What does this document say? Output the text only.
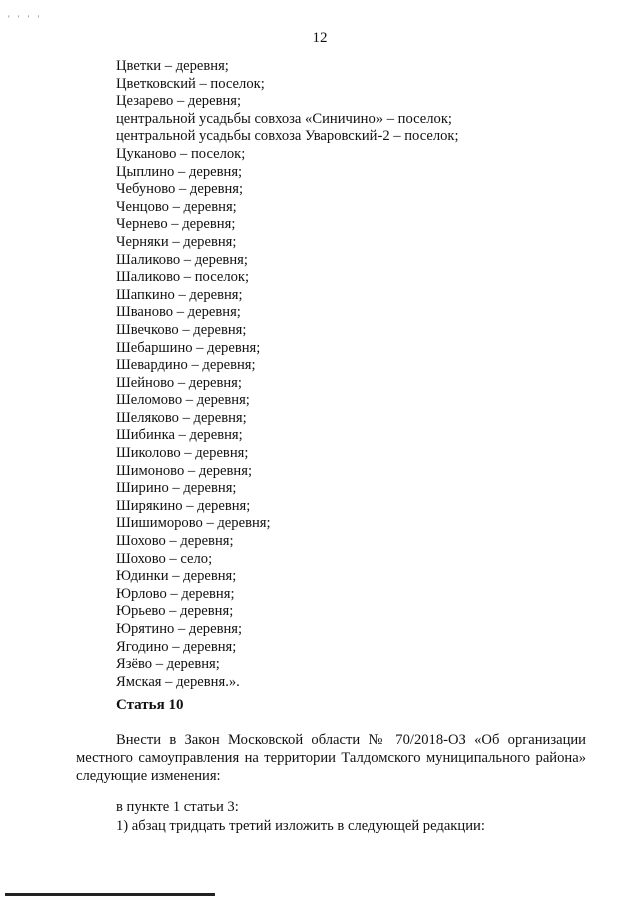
' ' ' '
12
Цветки – деревня;
Цветковский – поселок;
Цезарево – деревня;
центральной усадьбы совхоза «Синичино» – поселок;
центральной усадьбы совхоза Уваровский-2 – поселок;
Цуканово – поселок;
Цыплино – деревня;
Чебуново – деревня;
Ченцово – деревня;
Чернево – деревня;
Черняки – деревня;
Шаликово – деревня;
Шаликово – поселок;
Шапкино – деревня;
Шваново – деревня;
Швечково – деревня;
Шебаршино – деревня;
Шевардино – деревня;
Шейново – деревня;
Шеломово – деревня;
Шеляково – деревня;
Шибинка – деревня;
Шиколово – деревня;
Шимоново – деревня;
Ширино – деревня;
Ширякино – деревня;
Шишиморово – деревня;
Шохово – деревня;
Шохово – село;
Юдинки – деревня;
Юрлово – деревня;
Юрьево – деревня;
Юрятино – деревня;
Ягодино – деревня;
Язёво – деревня;
Ямская – деревня.».
Статья 10

Внести в Закон Московской области № 70/2018-ОЗ «Об организации местного самоуправления на территории Талдомского муниципального района» следующие изменения:

в пункте 1 статьи 3:
1) абзац тридцать третий изложить в следующей редакции:
